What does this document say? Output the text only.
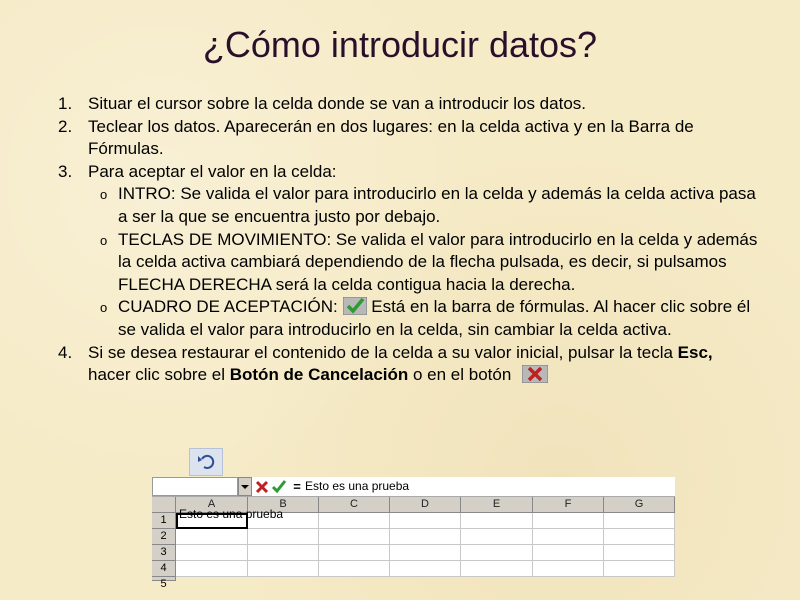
¿Cómo introducir datos?
1. Situar el cursor sobre la celda donde se van a introducir los datos.
2. Teclear los datos. Aparecerán en dos lugares: en la celda activa y en la Barra de Fórmulas.
3. Para aceptar el valor en la celda:
o INTRO: Se valida el valor para introducirlo en la celda y además la celda activa pasa a ser la que se encuentra justo por debajo.
o TECLAS DE MOVIMIENTO: Se valida el valor para introducirlo en la celda y además la celda activa cambiará dependiendo de la flecha pulsada, es decir, si pulsamos FLECHA DERECHA será la celda contigua hacia la derecha.
o CUADRO DE ACEPTACIÓN: Está en la barra de fórmulas. Al hacer clic sobre él se valida el valor para introducirlo en la celda, sin cambiar la celda activa.
4. Si se desea restaurar el contenido de la celda a su valor inicial, pulsar la tecla Esc, hacer clic sobre el Botón de Cancelación o en el botón
= Esto es una prueba
A	B	C	D	E	F	G
1
2
3
4
5
Esto es una prueba
